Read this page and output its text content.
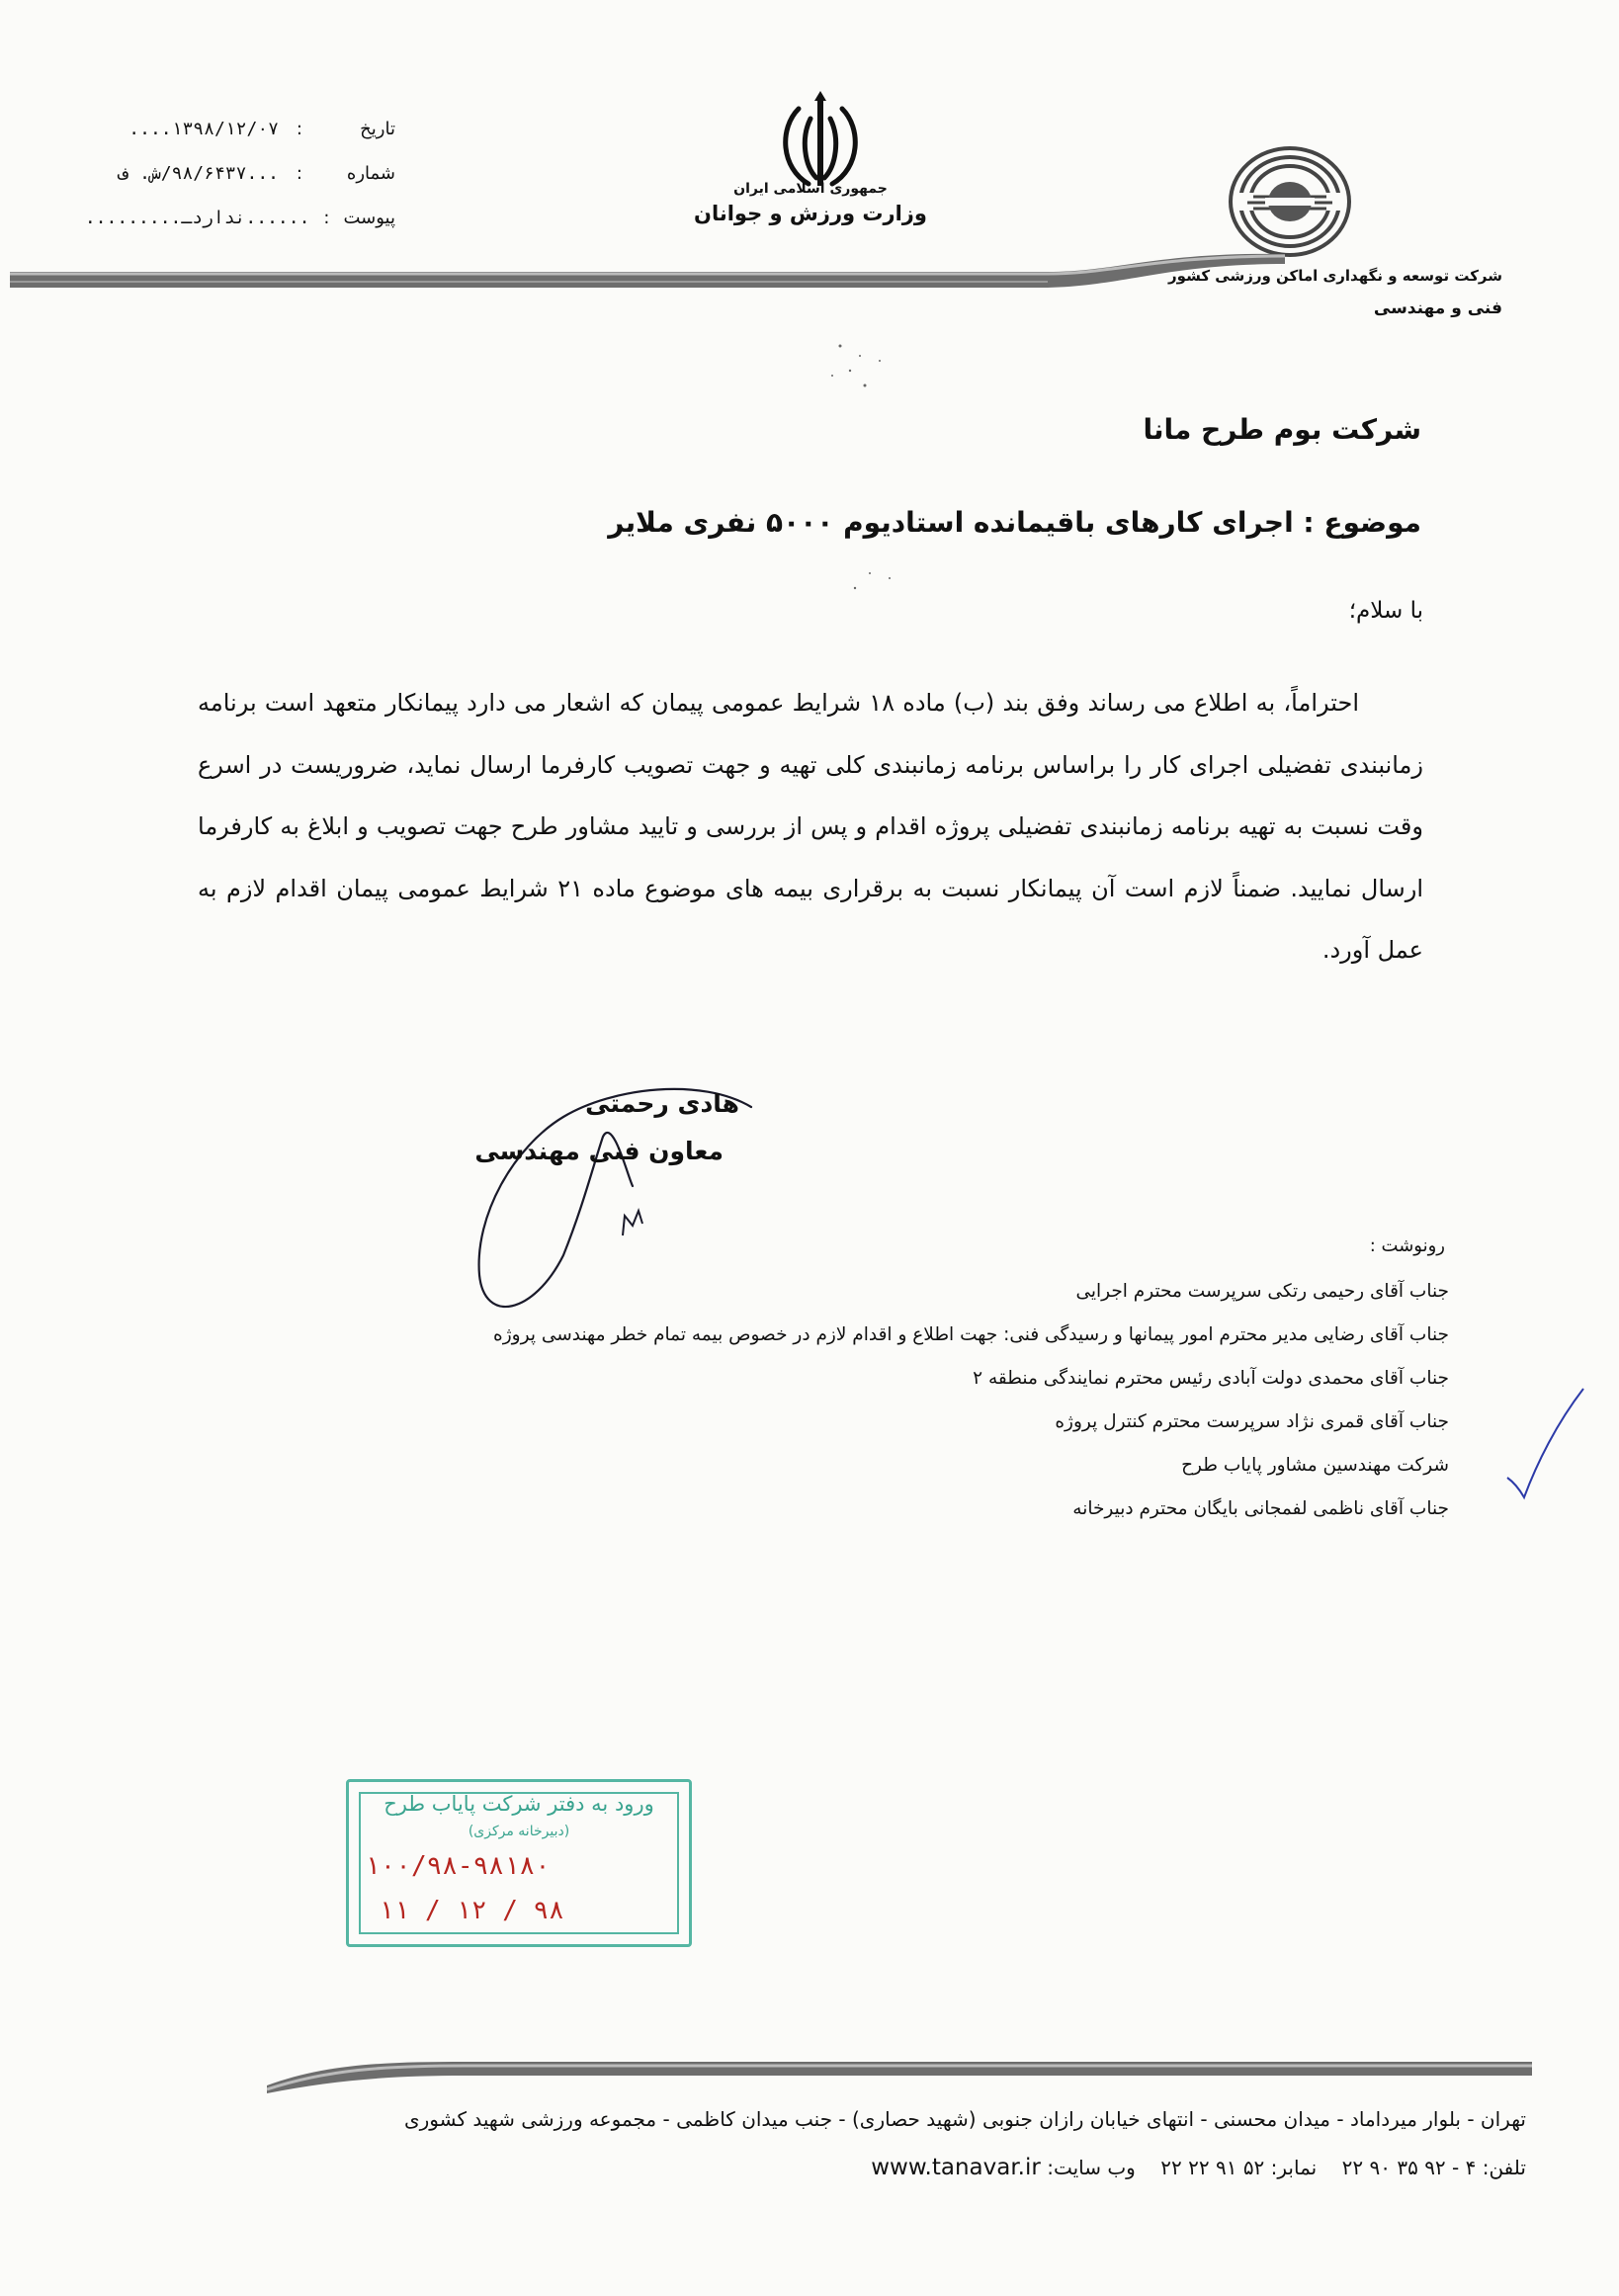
تاریخ
:
۱۳۹۸/۱۲/۰۷....
شماره
:
...۹۸/۶۴۳۷/ش. ف
پیوست
:
......نداردـ.........
جمهوری اسلامی ایران
وزارت ورزش و جوانان
شرکت توسعه و نگهداری اماکن ورزشی کشور
فنی و مهندسی
شرکت بوم طرح مانا
موضوع : اجرای کارهای باقیمانده استادیوم ۵۰۰۰ نفری ملایر
با سلام؛
احتراماً، به اطلاع می رساند وفق بند (ب) ماده ۱۸ شرایط عمومی پیمان که اشعار می دارد پیمانکار متعهد است برنامه زمانبندی تفضیلی اجرای کار را براساس برنامه زمانبندی کلی تهیه و جهت تصویب کارفرما ارسال نماید، ضروریست در اسرع وقت نسبت به تهیه برنامه زمانبندی تفضیلی پروژه اقدام و پس از بررسی و تایید مشاور طرح جهت تصویب و ابلاغ به کارفرما ارسال نمایید. ضمناً لازم است آن پیمانکار نسبت به برقراری بیمه های موضوع ماده ۲۱ شرایط عمومی پیمان اقدام لازم به عمل آورد.
هادی رحمتی
معاون فنی مهندسی
رونوشت :
جناب آقای رحیمی رتکی سرپرست محترم اجرایی
جناب آقای رضایی مدیر محترم امور پیمانها و رسیدگی فنی: جهت اطلاع و اقدام لازم در خصوص بیمه تمام خطر مهندسی پروژه
جناب آقای محمدی دولت آبادی رئیس محترم نمایندگی منطقه ۲
جناب آقای قمری نژاد سرپرست محترم کنترل پروژه
شرکت مهندسین مشاور پایاب طرح
جناب آقای ناظمی لفمجانی بایگان محترم دبیرخانه
ورود به دفتر شرکت پایاب طرح
(دبیرخانه مرکزی)
۱۰۰/۹۸-۹۸۱۸۰
۱۱ / ۱۲ / ۹۸
تهران - بلوار میرداماد - میدان محسنی - انتهای خیابان رازان جنوبی (شهید حصاری) - جنب میدان کاظمی - مجموعه ورزشی شهید کشوری
تلفن: ۴ - ۹۲ ۳۵ ۹۰ ۲۲    نمابر: ۵۲ ۹۱ ۲۲ ۲۲    وب سایت: www.tanavar.ir
